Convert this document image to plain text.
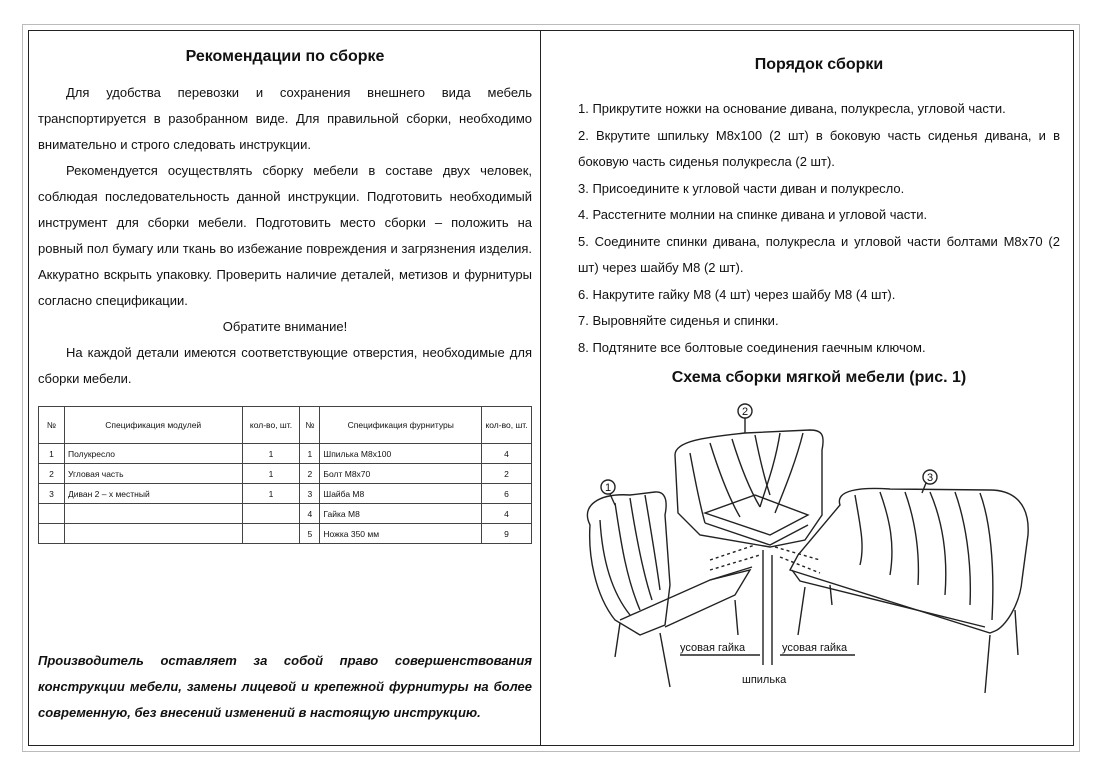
Рекомендации по сборке

Для удобства перевозки и сохранения внешнего вида мебель транспортируется в разобранном виде. Для правильной сборки, необходимо внимательно и строго следовать инструкции.

Рекомендуется осуществлять сборку мебели в составе двух человек, соблюдая последовательность данной инструкции. Подготовить необходимый инструмент для сборки мебели. Подготовить место сборки – положить на ровный пол бумагу или ткань во избежание повреждения и загрязнения изделия. Аккуратно вскрыть упаковку. Проверить наличие деталей, метизов и фурнитуры согласно спецификации.

Обратите внимание!

На каждой детали имеются соответствующие отверстия, необходимые для сборки мебели.

№	Спецификация модулей	кол-во, шт.	№	Спецификация фурнитуры	кол-во, шт.
1	Полукресло	1	1	Шпилька М8х100	4
2	Угловая часть	1	2	Болт М8х70	2
3	Диван 2 – х местный	1	3	Шайба М8	6
			4	Гайка М8	4
			5	Ножка 350 мм	9

Производитель оставляет за собой право совершенствования конструкции мебели, замены лицевой и крепежной фурнитуры на более современную, без внесений изменений в настоящую инструкцию.

Порядок сборки
1. Прикрутите ножки на основание дивана, полукресла, угловой части.
2. Вкрутите шпильку М8х100 (2 шт) в боковую часть сиденья дивана, и в боковую часть сиденья полукресла (2 шт).
3. Присоедините к угловой части диван и полукресло.
4. Расстегните молнии на спинке дивана и угловой части.
5. Соедините спинки дивана, полукресла и угловой части болтами М8х70 (2 шт) через шайбу М8 (2 шт).
6. Накрутите гайку М8 (4 шт) через шайбу М8 (4 шт).
7. Выровняйте сиденья и спинки.
8. Подтяните все болтовые соединения гаечным ключом.
Схема сборки мягкой мебели (рис. 1)
1
2
3
усовая гайка	усовая гайка
шпилька
